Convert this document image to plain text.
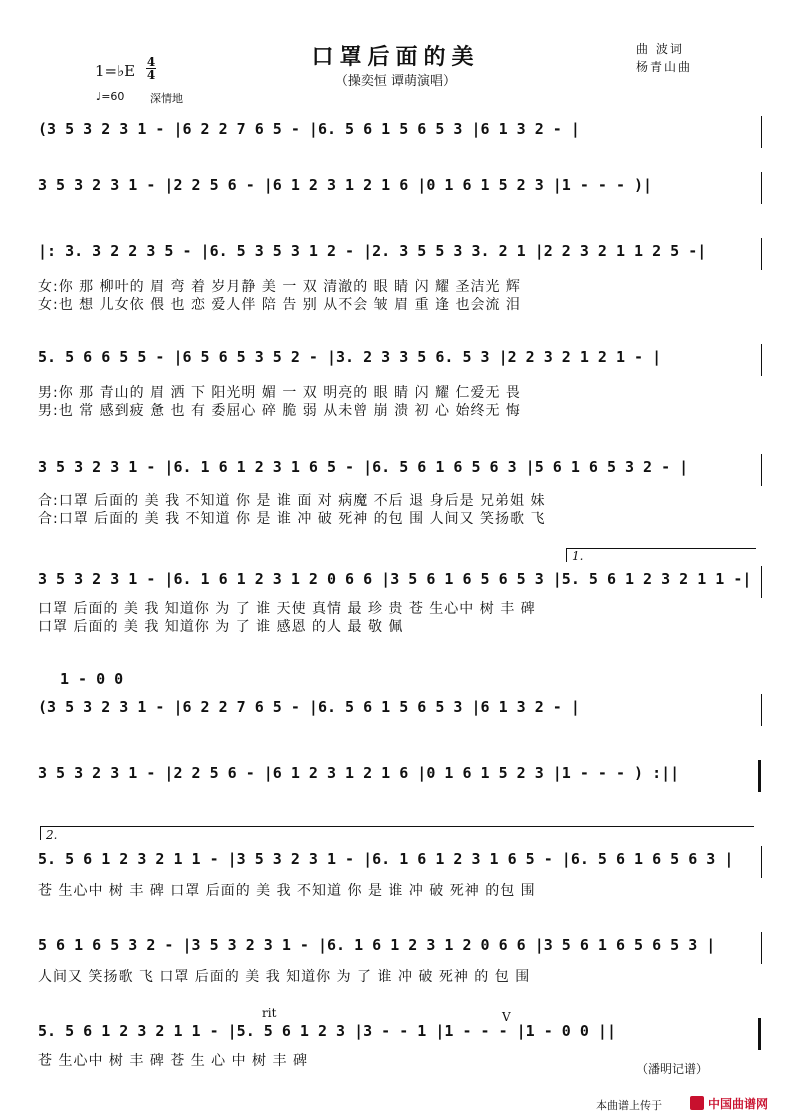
口罩后面的美
（操奕恒 谭萌演唱）
1=♭E 4
4
♩=60 深情地
曲 波词
杨青山曲
(3 5 3 2 3 1 - |6 2 2 7 6 5 - |6. 5 6 1 5 6 5 3 |6 1 3 2 - |
3 5 3 2 3 1 - |2 2 5 6 - |6 1 2 3 1 2 1 6 |0 1 6 1 5 2 3 |1 - - - )|
|: 3. 3 2 2 3 5 - |6. 5 3 5 3 1 2 - |2. 3 5 5 3 3. 2 1 |2 2 3 2 1 1 2 5 -|
女:你 那 柳叶的 眉 弯 着 岁月静 美 一 双 清澈的 眼 睛 闪 耀 圣洁光 辉
女:也 想 儿女依 偎 也 恋 爱人伴 陪 告 别 从不会 皱 眉 重 逢 也会流 泪
5. 5 6 6 5 5 - |6 5 6 5 3 5 2 - |3. 2 3 3 5 6. 5 3 |2 2 3 2 1 2 1 - |
男:你 那 青山的 眉 洒 下 阳光明 媚 一 双 明亮的 眼 睛 闪 耀 仁爱无 畏
男:也 常 感到疲 惫 也 有 委屈心 碎 脆 弱 从未曾 崩 溃 初 心 始终无 悔
3 5 3 2 3 1 - |6. 1 6 1 2 3 1 6 5 - |6. 5 6 1 6 5 6 3 |5 6 1 6 5 3 2 - |
合:口罩 后面的 美 我 不知道 你 是 谁 面 对 病魔 不后 退 身后是 兄弟姐 妹
合:口罩 后面的 美 我 不知道 你 是 谁 冲 破 死神 的包 围 人间又 笑扬歌 飞
1.
3 5 3 2 3 1 - |6. 1 6 1 2 3 1 2 0 6 6 |3 5 6 1 6 5 6 5 3 |5. 5 6 1 2 3 2 1 1 -|
口罩 后面的 美 我 知道你 为 了 谁 天使 真情 最 珍 贵 苍 生心中 树 丰 碑
口罩 后面的 美 我 知道你 为 了 谁 感恩 的人 最 敬 佩
1 - 0 0
(3 5 3 2 3 1 - |6 2 2 7 6 5 - |6. 5 6 1 5 6 5 3 |6 1 3 2 - |
3 5 3 2 3 1 - |2 2 5 6 - |6 1 2 3 1 2 1 6 |0 1 6 1 5 2 3 |1 - - - ) :||
2.
5. 5 6 1 2 3 2 1 1 - |3 5 3 2 3 1 - |6. 1 6 1 2 3 1 6 5 - |6. 5 6 1 6 5 6 3 |
苍 生心中 树 丰 碑 口罩 后面的 美 我 不知道 你 是 谁 冲 破 死神 的包 围
5 6 1 6 5 3 2 - |3 5 3 2 3 1 - |6. 1 6 1 2 3 1 2 0 6 6 |3 5 6 1 6 5 6 5 3 |
人间又 笑扬歌 飞 口罩 后面的 美 我 知道你 为 了 谁 冲 破 死神 的 包 围
rit	V
5. 5 6 1 2 3 2 1 1 - |5. 5 6 1 2 3 |3 - - 1 |1 - - - |1 - 0 0 ||
苍 生心中 树 丰 碑 苍 生 心 中 树 丰 碑	（潘明记谱）
本曲谱上传于	中国曲谱网
